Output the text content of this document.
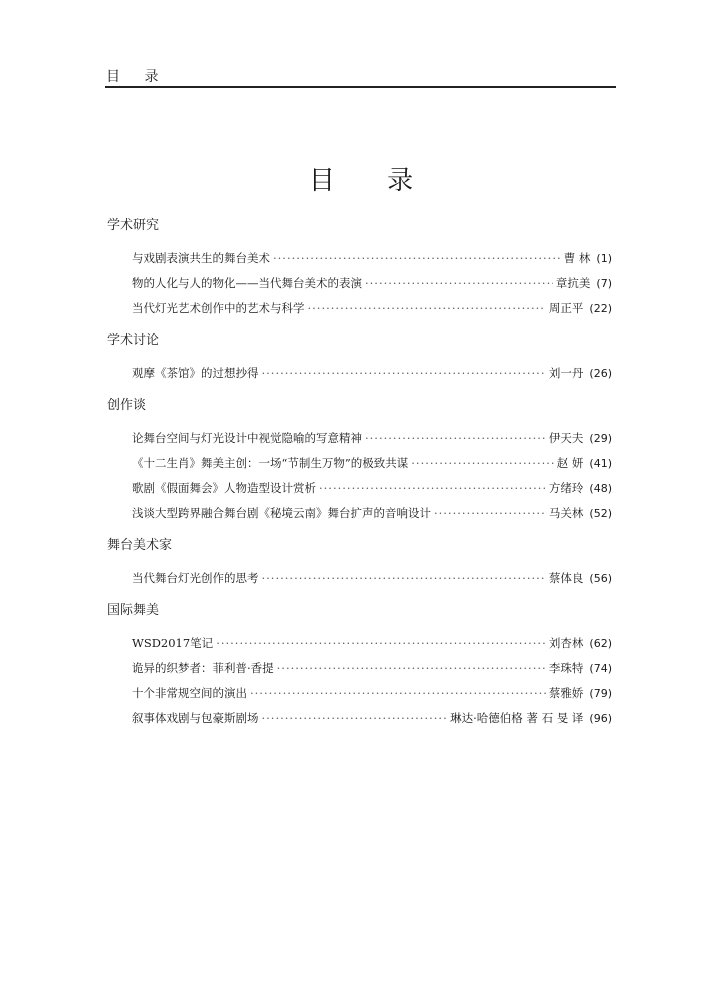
目 录
目 录
学术研究
与戏剧表演共生的舞台美术 ·····	曹 林 (1)
物的人化与人的物化——当代舞台美术的表演 ·····	章抗美 (7)
当代灯光艺术创作中的艺术与科学 ·····	周正平 (22)
学术讨论
观摩《茶馆》的过想抄得 ·····	刘一丹 (26)
创作谈
论舞台空间与灯光设计中视觉隐喻的写意精神 ·····	伊天夫 (29)
《十二生肖》舞美主创：一场“节制生万物”的极致共谋 ·····	赵 妍 (41)
歌剧《假面舞会》人物造型设计赏析 ·····	方绪玲 (48)
浅谈大型跨界融合舞台剧《秘境云南》舞台扩声的音响设计 ·····	马关林 (52)
舞台美术家
当代舞台灯光创作的思考 ·····	蔡体良 (56)
国际舞美
WSD2017笔记 ·····	刘杏林 (62)
诡异的织梦者：菲利普·香提 ·····	李珠特 (74)
十个非常规空间的演出 ·····	蔡雅娇 (79)
叙事体戏剧与包豪斯剧场 ·····	琳达·哈德伯格 著 石 旻 译 (96)
